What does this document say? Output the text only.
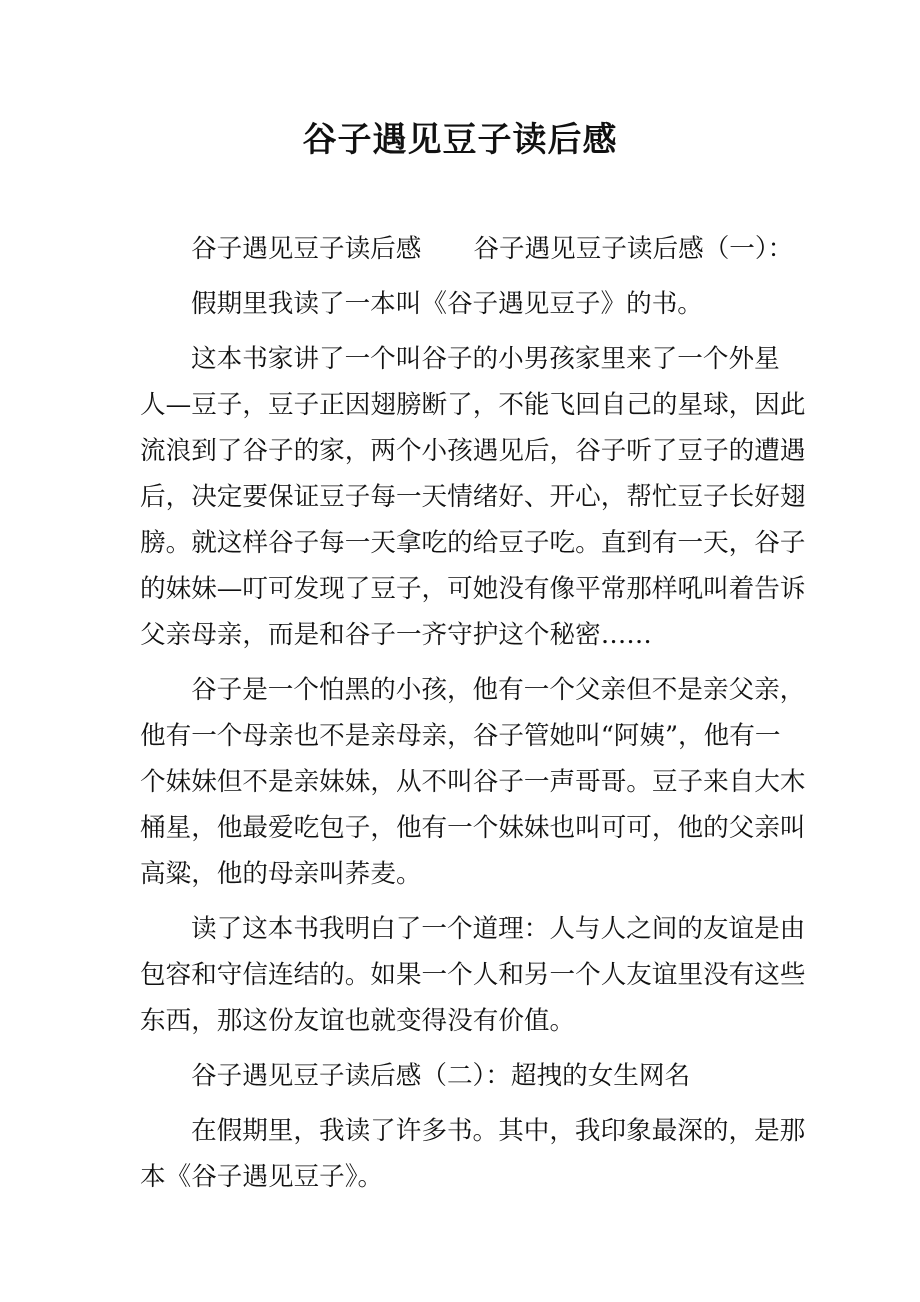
谷子遇见豆子读后感
谷子遇见豆子读后感 谷子遇见豆子读后感（一）：
假期里我读了一本叫《谷子遇见豆子》的书。
这本书家讲了一个叫谷子的小男孩家里来了一个外星
人—豆子，豆子正因翅膀断了，不能飞回自己的星球，因此
流浪到了谷子的家，两个小孩遇见后，谷子听了豆子的遭遇
后，决定要保证豆子每一天情绪好、开心，帮忙豆子长好翅
膀。就这样谷子每一天拿吃的给豆子吃。直到有一天，谷子
的妹妹—叮可发现了豆子，可她没有像平常那样吼叫着告诉
父亲母亲，而是和谷子一齐守护这个秘密……
谷子是一个怕黑的小孩，他有一个父亲但不是亲父亲，
他有一个母亲也不是亲母亲，谷子管她叫“阿姨”，他有一
个妹妹但不是亲妹妹，从不叫谷子一声哥哥。豆子来自大木
桶星，他最爱吃包子，他有一个妹妹也叫可可，他的父亲叫
高粱，他的母亲叫荞麦。
读了这本书我明白了一个道理：人与人之间的友谊是由
包容和守信连结的。如果一个人和另一个人友谊里没有这些
东西，那这份友谊也就变得没有价值。
谷子遇见豆子读后感（二）：超拽的女生网名
在假期里，我读了许多书。其中，我印象最深的，是那
本《谷子遇见豆子》。
